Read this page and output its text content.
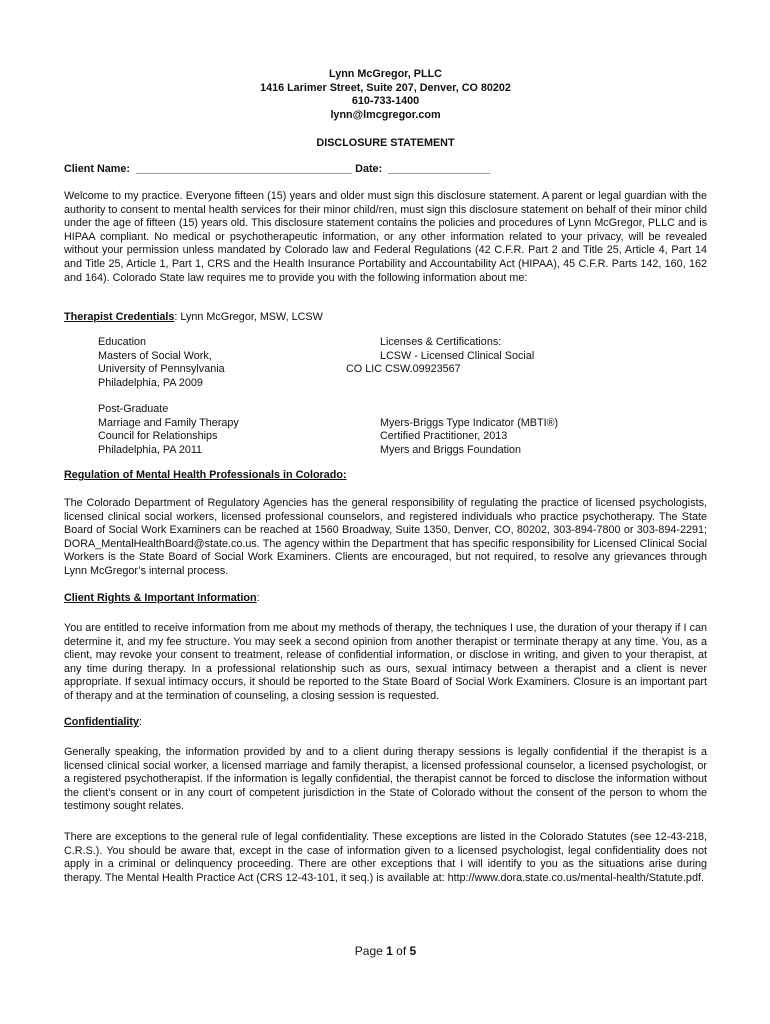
Lynn McGregor, PLLC
1416 Larimer Street, Suite 207, Denver, CO 80202
610-733-1400
lynn@lmcgregor.com
DISCLOSURE STATEMENT
Client Name:  ____________________________________ Date:  _________________

Welcome to my practice. Everyone fifteen (15) years and older must sign this disclosure statement. A parent or legal guardian with the authority to consent to mental health services for their minor child/ren, must sign this disclosure statement on behalf of their minor child under the age of fifteen (15) years old. This disclosure statement contains the policies and procedures of Lynn McGregor, PLLC and is HIPAA compliant. No medical or psychotherapeutic information, or any other information related to your privacy, will be revealed without your permission unless mandated by Colorado law and Federal Regulations (42 C.F.R. Part 2 and Title 25, Article 4, Part 14 and Title 25, Article 1, Part 1, CRS and the Health Insurance Portability and Accountability Act (HIPAA), 45 C.F.R. Parts 142, 160, 162 and 164). Colorado State law requires me to provide you with the following information about me:

Therapist Credentials: Lynn McGregor, MSW, LCSW
Education
Masters of Social Work,
University of Pennsylvania
Philadelphia, PA 2009
Licenses & Certifications:
LCSW - Licensed Clinical Social
CO LIC CSW.09923567
Post-Graduate
Marriage and Family Therapy
Council for Relationships
Philadelphia, PA 2011
Myers-Briggs Type Indicator (MBTI®)
Certified Practitioner, 2013
Myers and Briggs Foundation
Regulation of Mental Health Professionals in Colorado:

The Colorado Department of Regulatory Agencies has the general responsibility of regulating the practice of licensed psychologists, licensed clinical social workers, licensed professional counselors, and registered individuals who practice psychotherapy. The State Board of Social Work Examiners can be reached at 1560 Broadway, Suite 1350, Denver, CO, 80202, 303-894-7800 or 303-894-2291; DORA_MentalHealthBoard@state.co.us. The agency within the Department that has specific responsibility for Licensed Clinical Social Workers is the State Board of Social Work Examiners. Clients are encouraged, but not required, to resolve any grievances through Lynn McGregor’s internal process.

Client Rights & Important Information:

You are entitled to receive information from me about my methods of therapy, the techniques I use, the duration of your therapy if I can determine it, and my fee structure. You may seek a second opinion from another therapist or terminate therapy at any time. You, as a client, may revoke your consent to treatment, release of confidential information, or disclose in writing, and given to your therapist, at any time during therapy. In a professional relationship such as ours, sexual intimacy between a therapist and a client is never appropriate. If sexual intimacy occurs, it should be reported to the State Board of Social Work Examiners. Closure is an important part of therapy and at the termination of counseling, a closing session is requested.

Confidentiality:

Generally speaking, the information provided by and to a client during therapy sessions is legally confidential if the therapist is a licensed clinical social worker, a licensed marriage and family therapist, a licensed professional counselor, a licensed psychologist, or a registered psychotherapist. If the information is legally confidential, the therapist cannot be forced to disclose the information without the client’s consent or in any court of competent jurisdiction in the State of Colorado without the consent of the person to whom the testimony sought relates.

There are exceptions to the general rule of legal confidentiality. These exceptions are listed in the Colorado Statutes (see 12-43-218, C.R.S.). You should be aware that, except in the case of information given to a licensed psychologist, legal confidentiality does not apply in a criminal or delinquency proceeding. There are other exceptions that I will identify to you as the situations arise during therapy. The Mental Health Practice Act (CRS 12-43-101, it seq.) is available at: http://www.dora.state.co.us/mental-health/Statute.pdf.

Page 1 of 5
